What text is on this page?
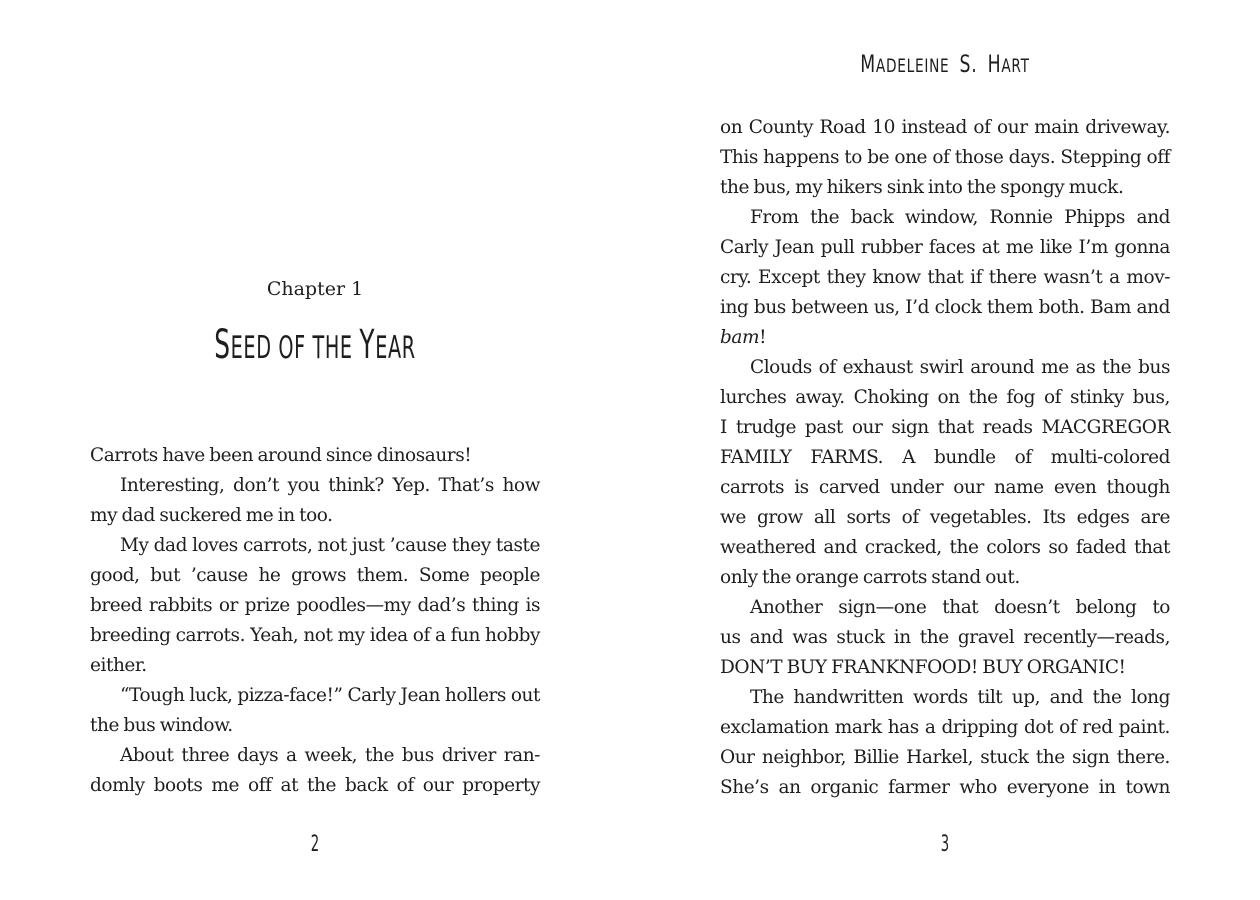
Chapter 1
SEED OF THE YEAR
Carrots have been around since dinosaurs!
Interesting, don’t you think? Yep. That’s how
my dad suckered me in too.
My dad loves carrots, not just ’cause they taste
good, but ’cause he grows them. Some people
breed rabbits or prize poodles—my dad’s thing is
breeding carrots. Yeah, not my idea of a fun hobby
either.
“Tough luck, pizza-face!” Carly Jean hollers out
the bus window.
About three days a week, the bus driver ran-
domly boots me off at the back of our property
2
MADELEINE S. HART
on County Road 10 instead of our main driveway.
This happens to be one of those days. Stepping off
the bus, my hikers sink into the spongy muck.
From the back window, Ronnie Phipps and
Carly Jean pull rubber faces at me like I’m gonna
cry. Except they know that if there wasn’t a mov-
ing bus between us, I’d clock them both. Bam and
bam!
Clouds of exhaust swirl around me as the bus
lurches away. Choking on the fog of stinky bus,
I trudge past our sign that reads MACGREGOR
FAMILY FARMS. A bundle of multi-colored
carrots is carved under our name even though
we grow all sorts of vegetables. Its edges are
weathered and cracked, the colors so faded that
only the orange carrots stand out.
Another sign—one that doesn’t belong to
us and was stuck in the gravel recently—reads,
DON’T BUY FRANKNFOOD! BUY ORGANIC!
The handwritten words tilt up, and the long
exclamation mark has a dripping dot of red paint.
Our neighbor, Billie Harkel, stuck the sign there.
She’s an organic farmer who everyone in town
3
